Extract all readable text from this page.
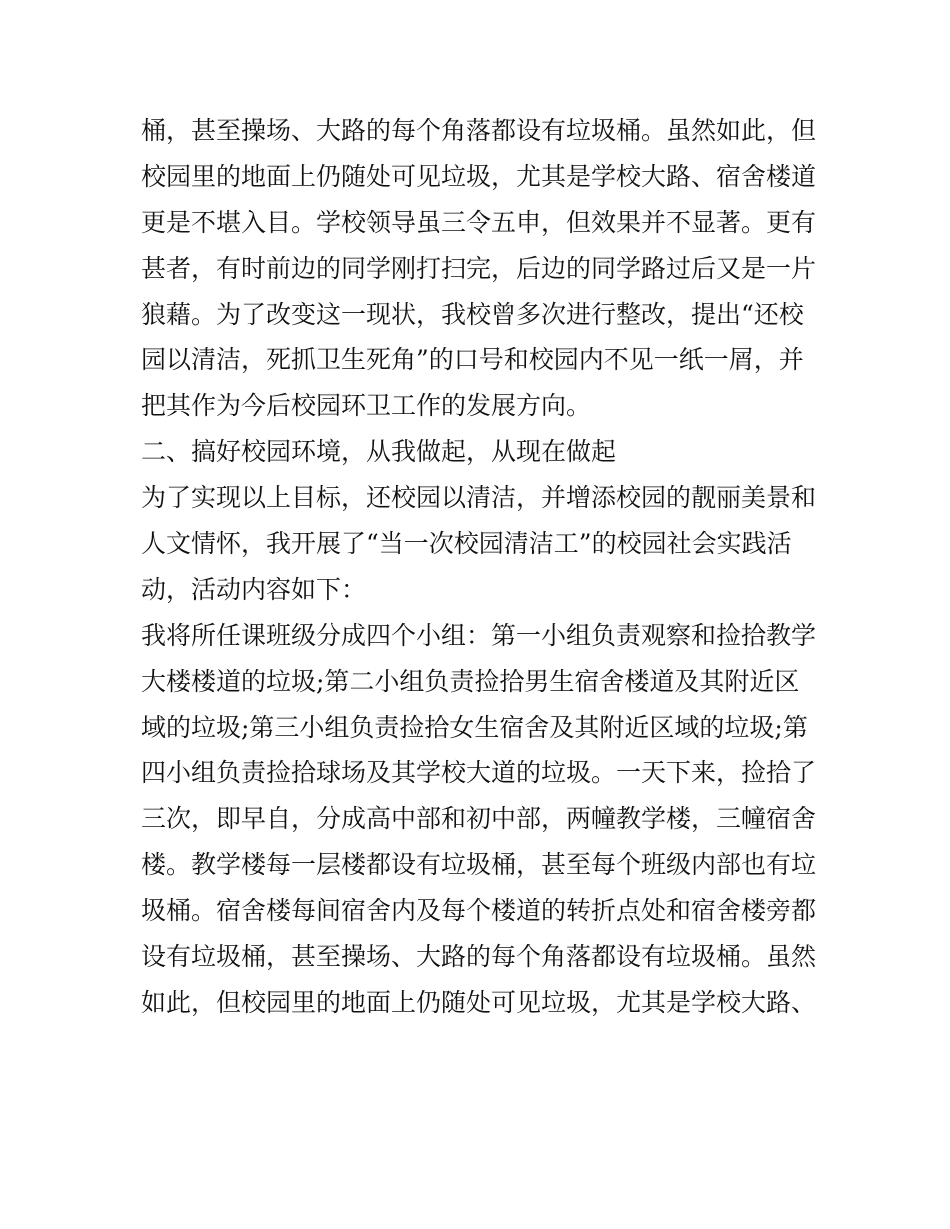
桶，甚至操场、大路的每个角落都设有垃圾桶。虽然如此，但
校园里的地面上仍随处可见垃圾，尤其是学校大路、宿舍楼道
更是不堪入目。学校领导虽三令五申，但效果并不显著。更有
甚者，有时前边的同学刚打扫完，后边的同学路过后又是一片
狼藉。为了改变这一现状，我校曾多次进行整改，提出“还校
园以清洁，死抓卫生死角”的口号和校园内不见一纸一屑，并
把其作为今后校园环卫工作的发展方向。
二、搞好校园环境，从我做起，从现在做起
为了实现以上目标，还校园以清洁，并增添校园的靓丽美景和
人文情怀，我开展了“当一次校园清洁工”的校园社会实践活
动，活动内容如下：
我将所任课班级分成四个小组：第一小组负责观察和捡拾教学
大楼楼道的垃圾;第二小组负责捡拾男生宿舍楼道及其附近区
域的垃圾;第三小组负责捡拾女生宿舍及其附近区域的垃圾;第
四小组负责捡拾球场及其学校大道的垃圾。一天下来，捡拾了
三次，即早自，分成高中部和初中部，两幢教学楼，三幢宿舍
楼。教学楼每一层楼都设有垃圾桶，甚至每个班级内部也有垃
圾桶。宿舍楼每间宿舍内及每个楼道的转折点处和宿舍楼旁都
设有垃圾桶，甚至操场、大路的每个角落都设有垃圾桶。虽然
如此，但校园里的地面上仍随处可见垃圾，尤其是学校大路、
